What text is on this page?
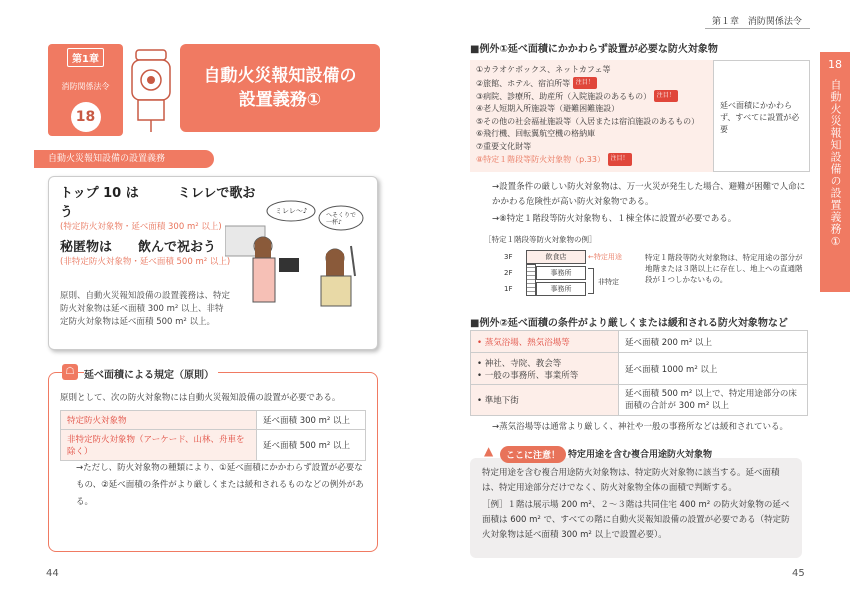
第１章 消防関係法令
第1章
消防関係法令
18
自動火災報知設備の
設置義務①
自動火災報知設備の設置義務
トップ 10 は　　　ミレレで歌おう
(特定防火対象物・延べ面積 300 m² 以上)
秘匿物は　　飲んで祝おう
(非特定防火対象物・延べ面積 500 m² 以上)
ミレレ～♪
へそくりで一杯♪
原則、自動火災報知設備の設置義務は、特定防火対象物は延べ面積 300 m² 以上、非特定防火対象物は延べ面積 500 m² 以上。
☖ 延べ面積による規定（原則）
原則として、次の防火対象物には自動火災報知設備の設置が必要である。
特定防火対象物	延べ面積 300 m² 以上
非特定防火対象物（アーケード、山林、舟車を除く）	延べ面積 500 m² 以上
→ただし、防火対象物の種類により、①延べ面積にかかわらず設置が必要なもの、②延べ面積の条件がより厳しくまたは緩和されるものなどの例外がある。
44
18
自動火災報知設備の設置義務①
■例外①延べ面積にかかわらず設置が必要な防火対象物
①カラオケボックス、ネットカフェ等
②旅館、ホテル、宿泊所等 注目！
③病院、診療所、助産所（入院施設のあるもの） 注目！
④老人短期入所施設等（避難困難施設）
⑤その他の社会福祉施設等（入居または宿泊施設のあるもの）
⑥飛行機、回転翼航空機の格納庫
⑦重要文化財等
⑧特定１階段等防火対象物（p.33） 注目！
延べ面積にかかわらず、すべてに設置が必要
→設置条件の厳しい防火対象物は、万一火災が発生した場合、避難が困難で人命にかかわる危険性が高い防火対象物である。
→⑧特定１階段等防火対象物も、１棟全体に設置が必要である。
［特定１階段等防火対象物の例］
3F
2F
1F
飲食店
事務所
事務所
←特定用途
非特定
特定１階段等防火対象物は、特定用途の部分が地階または３階以上に存在し、地上への直通階段が１つしかないもの。
■例外②延べ面積の条件がより厳しくまたは緩和される防火対象物など
• 蒸気浴場、熱気浴場等	延べ面積 200 m² 以上
• 神社、寺院、教会等
• 一般の事務所、事業所等	延べ面積 1000 m² 以上
• 準地下街	延べ面積 500 m² 以上で、特定用途部分の床面積の合計が 300 m² 以上
→蒸気浴場等は通常より厳しく、神社や一般の事務所などは緩和されている。
▲	ここに注意！ 特定用途を含む複合用途防火対象物
特定用途を含む複合用途防火対象物は、特定防火対象物に該当する。延べ面積は、特定用途部分だけでなく、防火対象物全体の面積で判断する。
［例］１階は展示場 200 m²、２～３階は共同住宅 400 m² の防火対象物の延べ面積は 600 m² で、すべての階に自動火災報知設備の設置が必要である（特定防火対象物は延べ面積 300 m² 以上で設置必要）。
45
